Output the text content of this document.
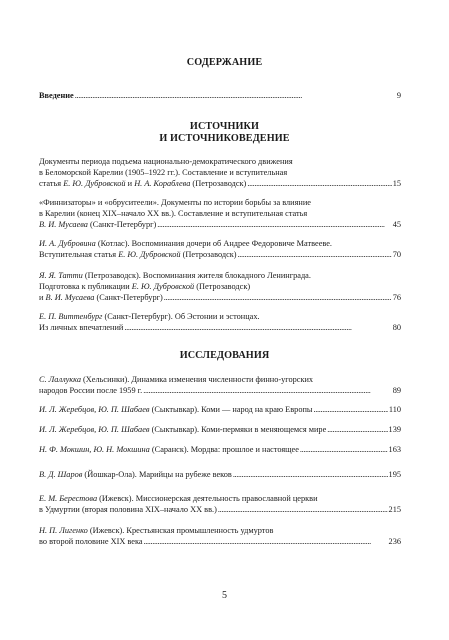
СОДЕРЖАНИЕ
Введение . . .	9
ИСТОЧНИКИ
И ИСТОЧНИКОВЕДЕНИЕ
Документы периода подъема национально-демократического движения
в Беломорской Карелии (1905–1922 гг.). Составление и вступительная
статья Е. Ю. Дубровской и Н. А. Кораблева (Петрозаводск) . . .	15
«Финнизаторы» и «обруситеели». Документы по истории борьбы за влияние
в Карелии (конец XIX–начало XX вв.). Составление и вступительная статья
В. И. Мусаева (Санкт-Петербург) . . .	45
И. А. Дубровина (Котлас). Воспоминания дочери об Андрее Федоровиче Матвееве.
Вступительная статья Е. Ю. Дубровской (Петрозаводск) . . .	70
Я. Я. Татти (Петрозаводск). Воспоминания жителя блокадного Ленинграда.
Подготовка к публикации Е. Ю. Дубровской (Петрозаводск)
и В. И. Мусаева (Санкт-Петербург) . . .	76
Е. П. Виттенбург (Санкт-Петербург). Об Эстонии и эстонцах.
Из личных впечатлений . . .	80
ИССЛЕДОВАНИЯ
С. Лаллукка (Хельсинки). Динамика изменения численности финно-угорских
народов России после 1959 г. . . .	89
И. Л. Жеребцов, Ю. П. Шабаев (Сыктывкар). Коми — народ на краю Европы . . .	110
И. Л. Жеребцов, Ю. П. Шабаев (Сыктывкар). Коми-пермяки в меняющемся мире . . .	139
Н. Ф. Мокшин, Ю. Н. Мокшина (Саранск). Мордва: прошлое и настоящее . . .	163
В. Д. Шаров (Йошкар-Ола). Марийцы на рубеже веков . . .	195
Е. М. Берестова (Ижевск). Миссионерская деятельность православной церкви
в Удмуртии (вторая половина XIX–начало XX вв.) . . .	215
Н. П. Лигенко (Ижевск). Крестьянская промышленность удмуртов
во второй половине XIX века . . .	236
5
